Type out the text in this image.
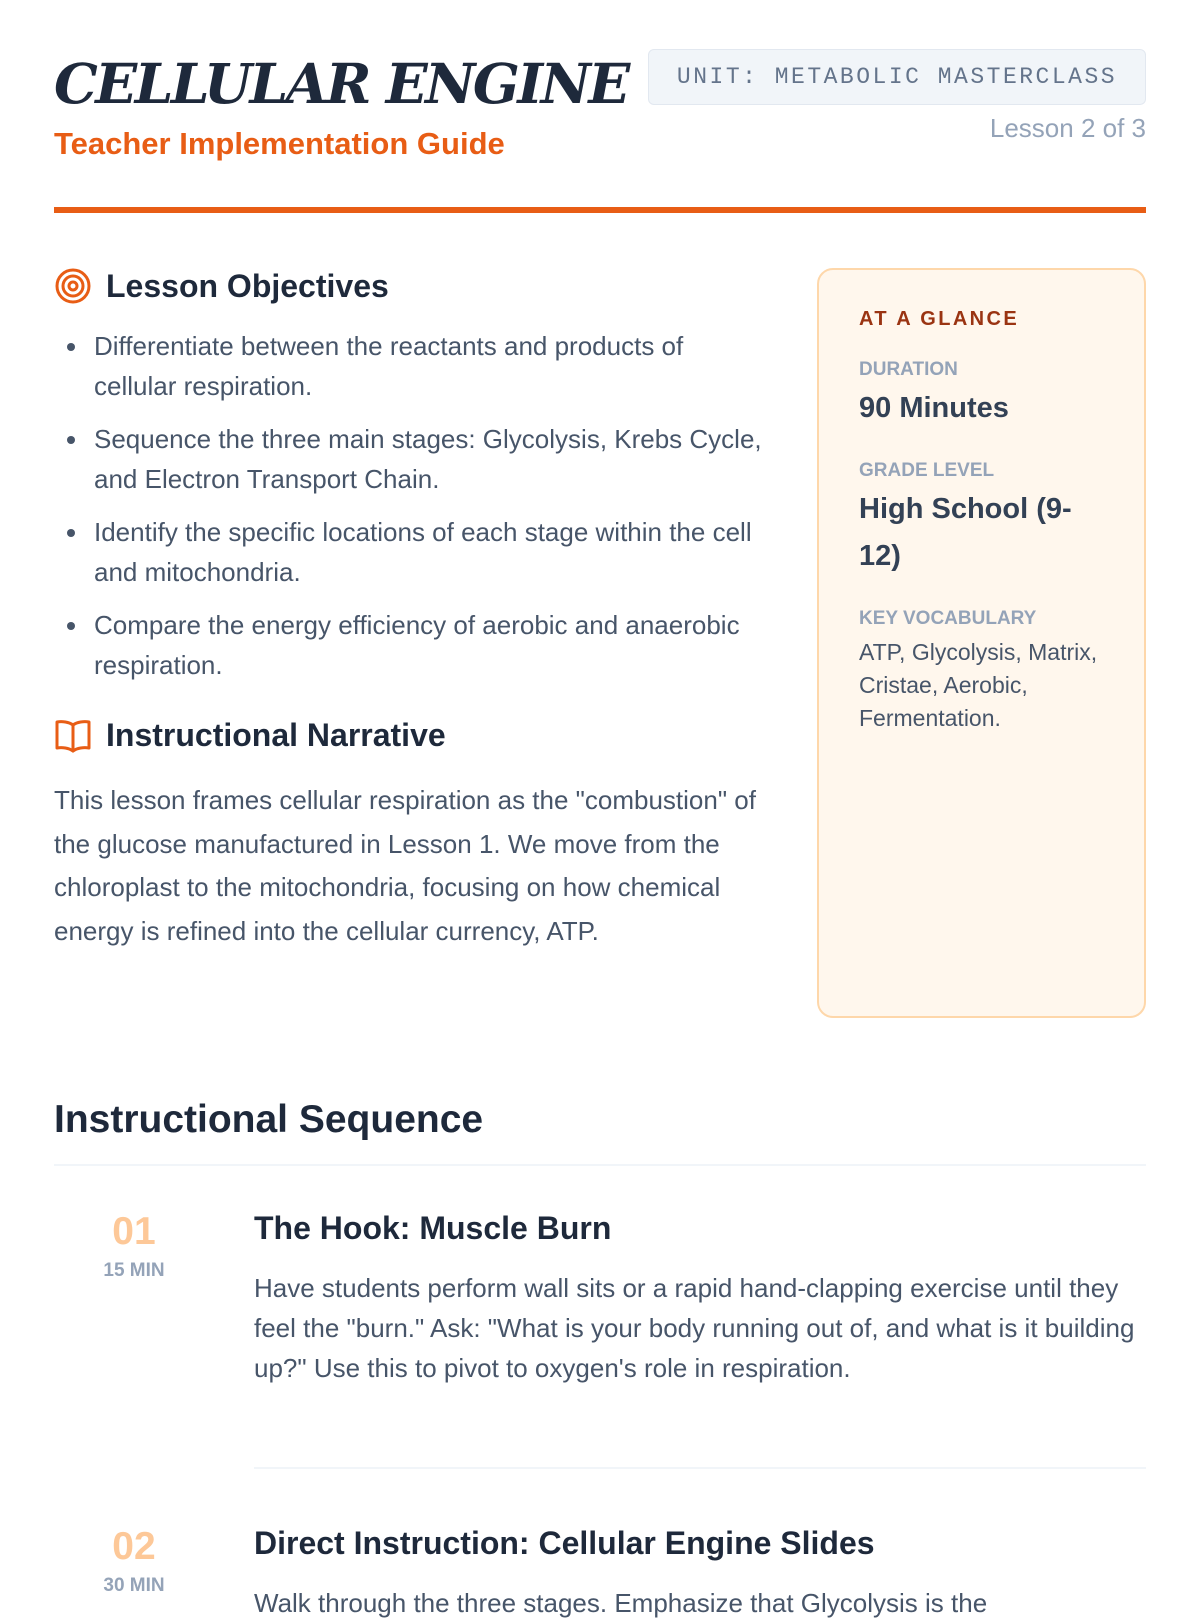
CELLULAR ENGINE
Teacher Implementation Guide
UNIT: METABOLIC MASTERCLASS
Lesson 2 of 3
Lesson Objectives
Differentiate between the reactants and products of cellular respiration.
Sequence the three main stages: Glycolysis, Krebs Cycle, and Electron Transport Chain.
Identify the specific locations of each stage within the cell and mitochondria.
Compare the energy efficiency of aerobic and anaerobic respiration.
Instructional Narrative

This lesson frames cellular respiration as the "combustion" of the glucose manufactured in Lesson 1. We move from the chloroplast to the mitochondria, focusing on how chemical energy is refined into the cellular currency, ATP.

AT A GLANCE
DURATION
90 Minutes
GRADE LEVEL
High School (9-12)
KEY VOCABULARY
ATP, Glycolysis, Matrix, Cristae, Aerobic, Fermentation.
Instructional Sequence
01
15 MIN
The Hook: Muscle Burn

Have students perform wall sits or a rapid hand-clapping exercise until they feel the "burn." Ask: "What is your body running out of, and what is it building up?" Use this to pivot to oxygen's role in respiration.

02
30 MIN
Direct Instruction: Cellular Engine Slides

Walk through the three stages. Emphasize that Glycolysis is the
